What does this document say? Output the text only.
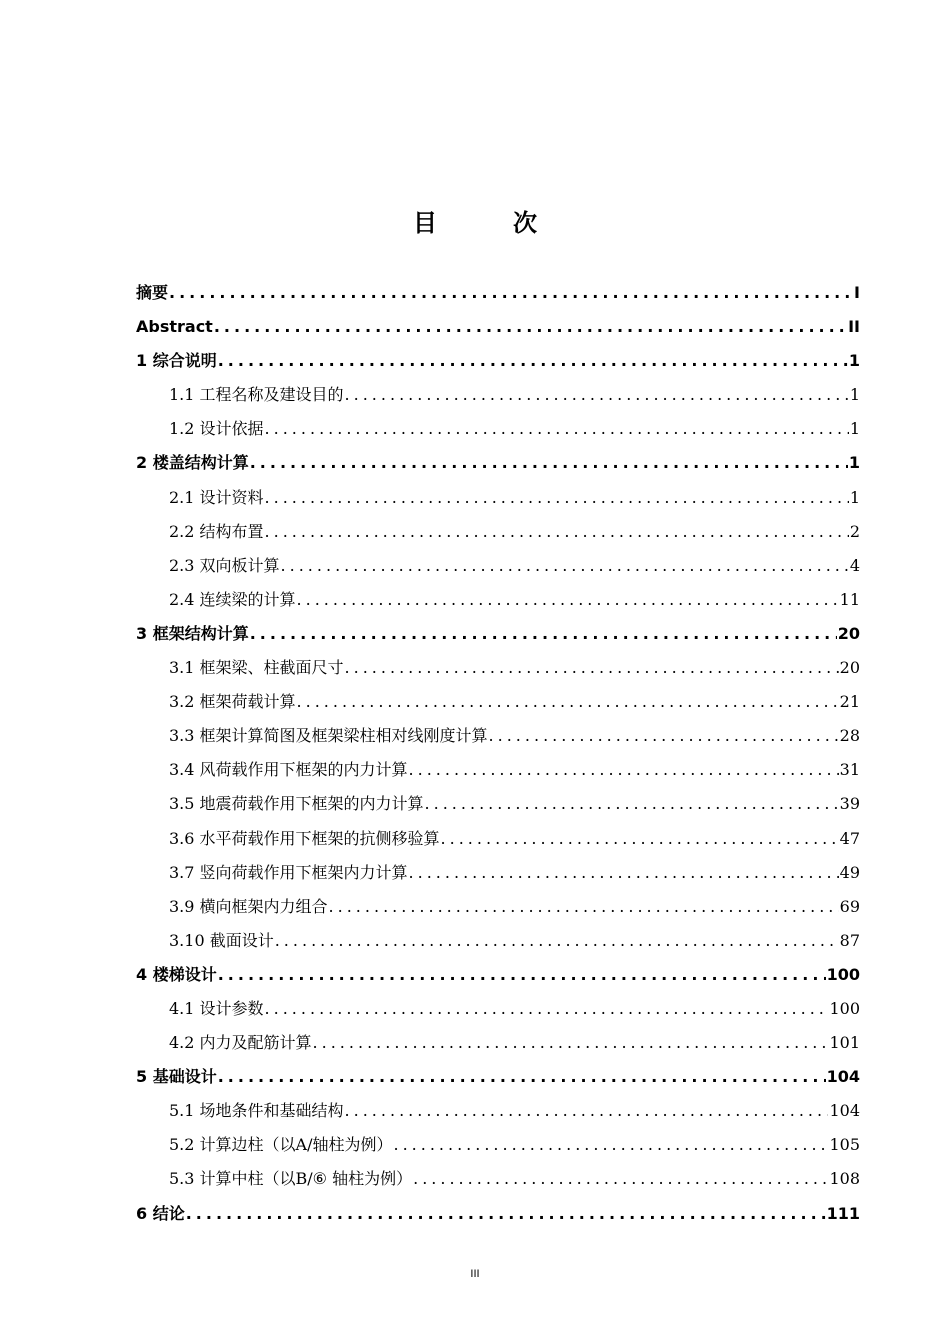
目　次
摘要 .....	I
Abstract .....	II
1 综合说明 .....	1
1.1 工程名称及建设目的 .....	1
1.2 设计依据 .....	1
2 楼盖结构计算 .....	1
2.1 设计资料 .....	1
2.2 结构布置 .....	2
2.3 双向板计算 .....	4
2.4 连续梁的计算 .....	11
3 框架结构计算 .....	20
3.1 框架梁、柱截面尺寸 .....	20
3.2 框架荷载计算 .....	21
3.3 框架计算简图及框架梁柱相对线刚度计算 .....	28
3.4 风荷载作用下框架的内力计算 .....	31
3.5 地震荷载作用下框架的内力计算 .....	39
3.6 水平荷载作用下框架的抗侧移验算 .....	47
3.7 竖向荷载作用下框架内力计算 .....	49
3.9 横向框架内力组合 .....	69
3.10 截面设计 .....	87
4 楼梯设计 .....	100
4.1 设计参数 .....	100
4.2 内力及配筋计算 .....	101
5 基础设计 .....	104
5.1 场地条件和基础结构 .....	104
5.2 计算边柱（以A/轴柱为例） .....	105
5.3 计算中柱（以B/⑥ 轴柱为例） .....	108
6 结论 .....	111
III
